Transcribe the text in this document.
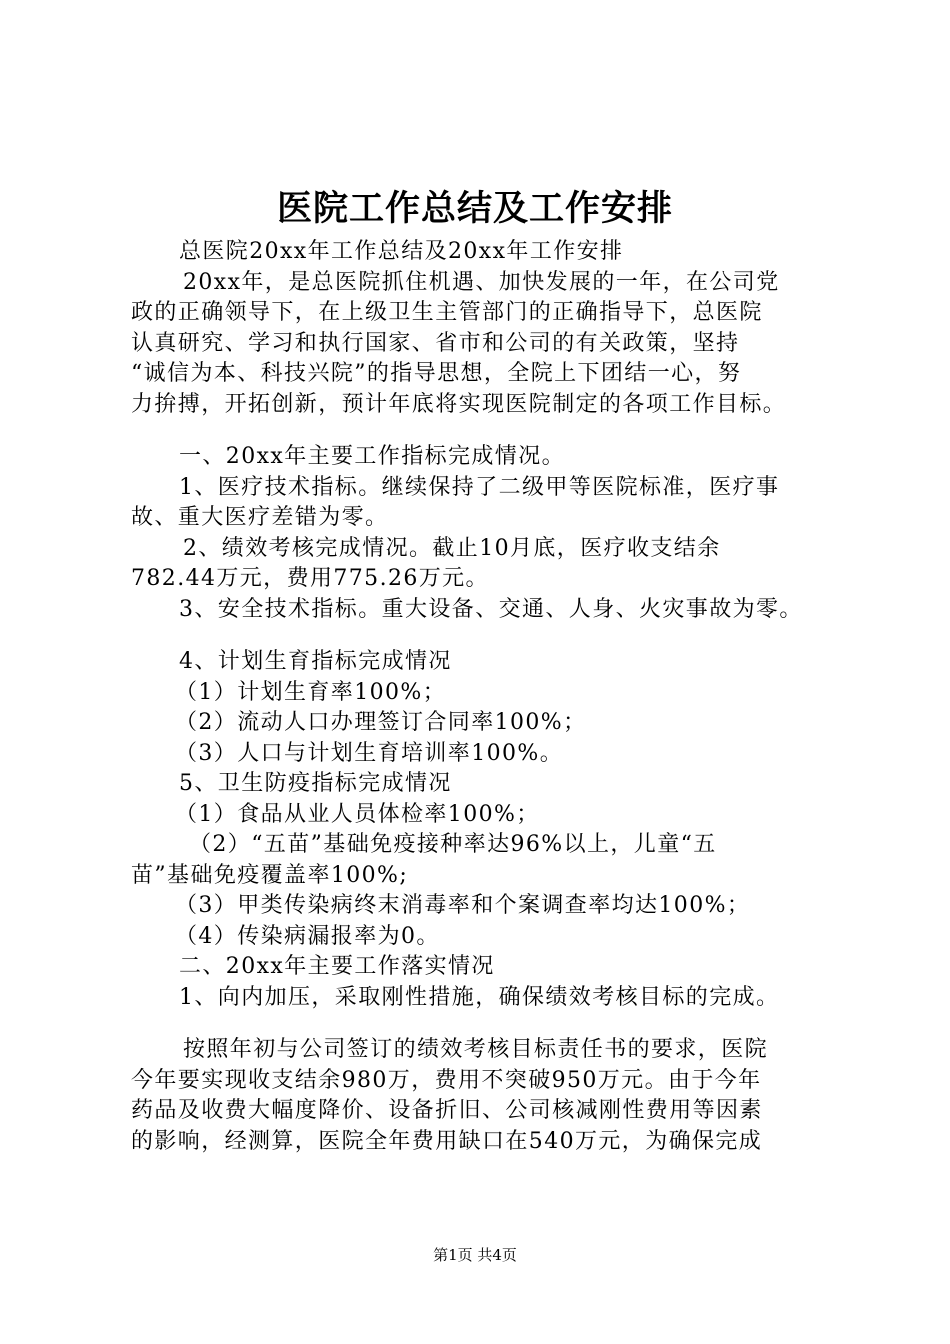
医院工作总结及工作安排
总医院20xx年工作总结及20xx年工作安排
20xx年，是总医院抓住机遇、加快发展的一年，在公司党
政的正确领导下，在上级卫生主管部门的正确指导下，总医院
认真研究、学习和执行国家、省市和公司的有关政策，坚持
“诚信为本、科技兴院”的指导思想，全院上下团结一心，努
力拚搏，开拓创新，预计年底将实现医院制定的各项工作目标。
一、20xx年主要工作指标完成情况。
1、医疗技术指标。继续保持了二级甲等医院标准，医疗事
故、重大医疗差错为零。
2、绩效考核完成情况。截止10月底，医疗收支结余
782.44万元，费用775.26万元。
3、安全技术指标。重大设备、交通、人身、火灾事故为零。
4、计划生育指标完成情况
（1）计划生育率100%；
（2）流动人口办理签订合同率100%；
（3）人口与计划生育培训率100%。
5、卫生防疫指标完成情况
（1）食品从业人员体检率100%；
（2）“五苗”基础免疫接种率达96%以上，儿童“五
苗”基础免疫覆盖率100%;
（3）甲类传染病终末消毒率和个案调查率均达100%；
（4）传染病漏报率为0。
二、20xx年主要工作落实情况
1、向内加压，采取刚性措施，确保绩效考核目标的完成。
按照年初与公司签订的绩效考核目标责任书的要求，医院
今年要实现收支结余980万，费用不突破950万元。由于今年
药品及收费大幅度降价、设备折旧、公司核减刚性费用等因素
的影响，经测算，医院全年费用缺口在540万元，为确保完成
第1页 共4页
